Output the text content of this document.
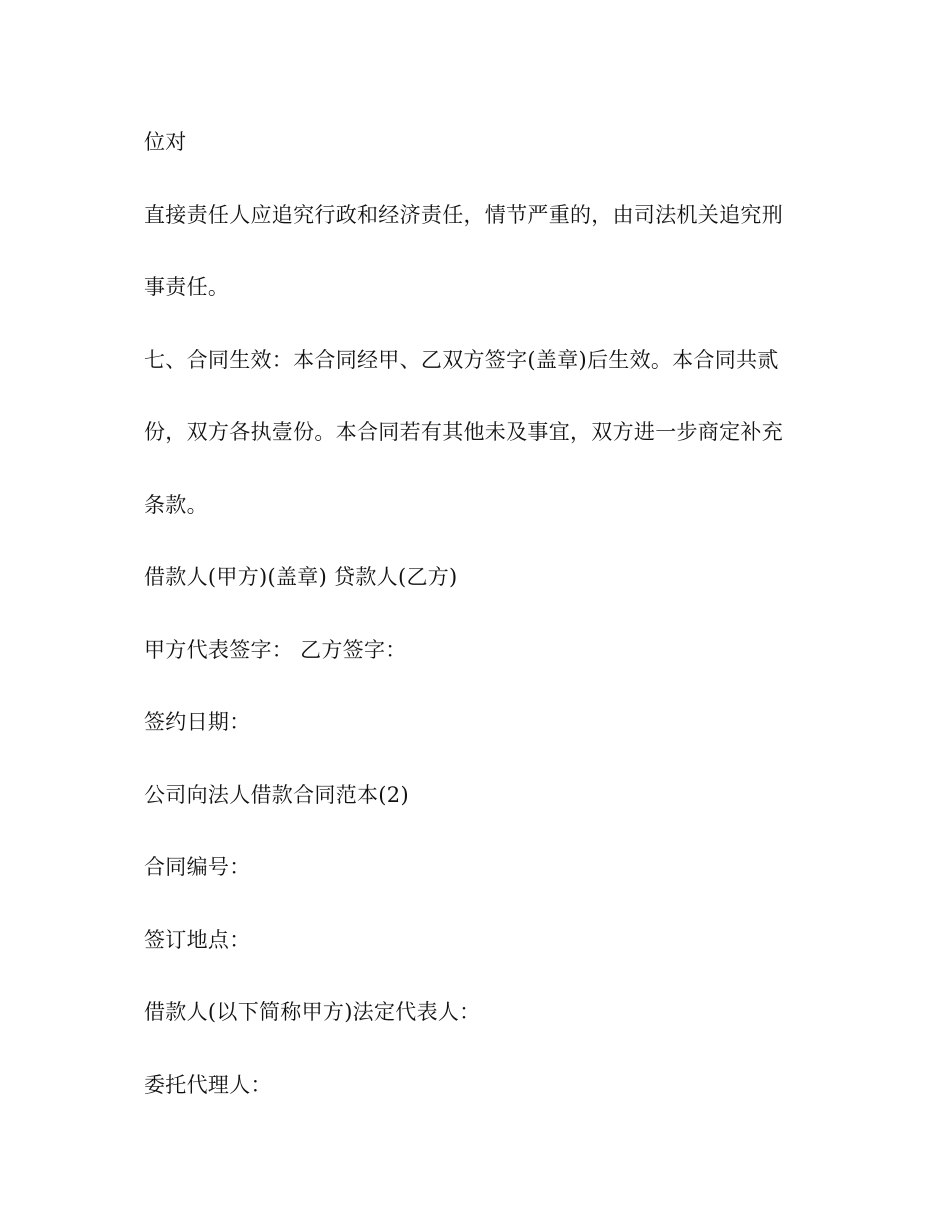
位对
直接责任人应追究行政和经济责任，情节严重的，由司法机关追究刑
事责任。
七、合同生效：本合同经甲、乙双方签字(盖章)后生效。本合同共贰
份，双方各执壹份。本合同若有其他未及事宜，双方进一步商定补充
条款。
借款人(甲方)(盖章) 贷款人(乙方)
甲方代表签字： 乙方签字：
签约日期：
公司向法人借款合同范本(2)
合同编号：
签订地点：
借款人(以下简称甲方)法定代表人：
委托代理人：
